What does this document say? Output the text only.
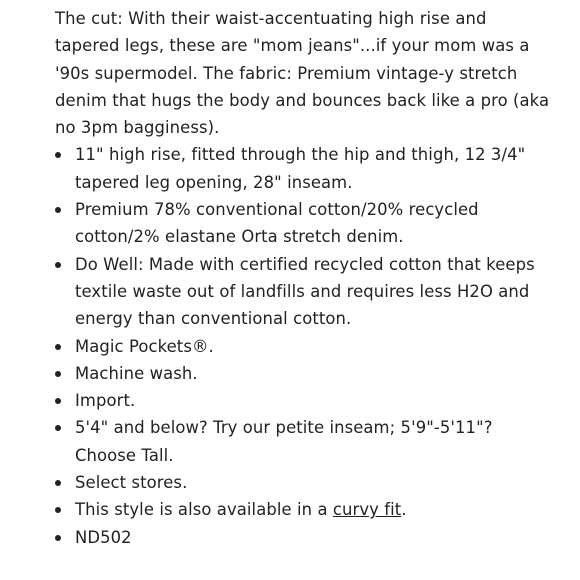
The cut: With their waist-accentuating high rise and tapered legs, these are "mom jeans"...if your mom was a '90s supermodel. The fabric: Premium vintage-y stretch denim that hugs the body and bounces back like a pro (aka no 3pm bagginess).

11" high rise, fitted through the hip and thigh, 12 3/4" tapered leg opening, 28" inseam.
Premium 78% conventional cotton/20% recycled cotton/2% elastane Orta stretch denim.
Do Well: Made with certified recycled cotton that keeps textile waste out of landfills and requires less H2O and energy than conventional cotton.
Magic Pockets®.
Machine wash.
Import.
5'4" and below? Try our petite inseam; 5'9"-5'11"? Choose Tall.
Select stores.
This style is also available in a curvy fit.
ND502
